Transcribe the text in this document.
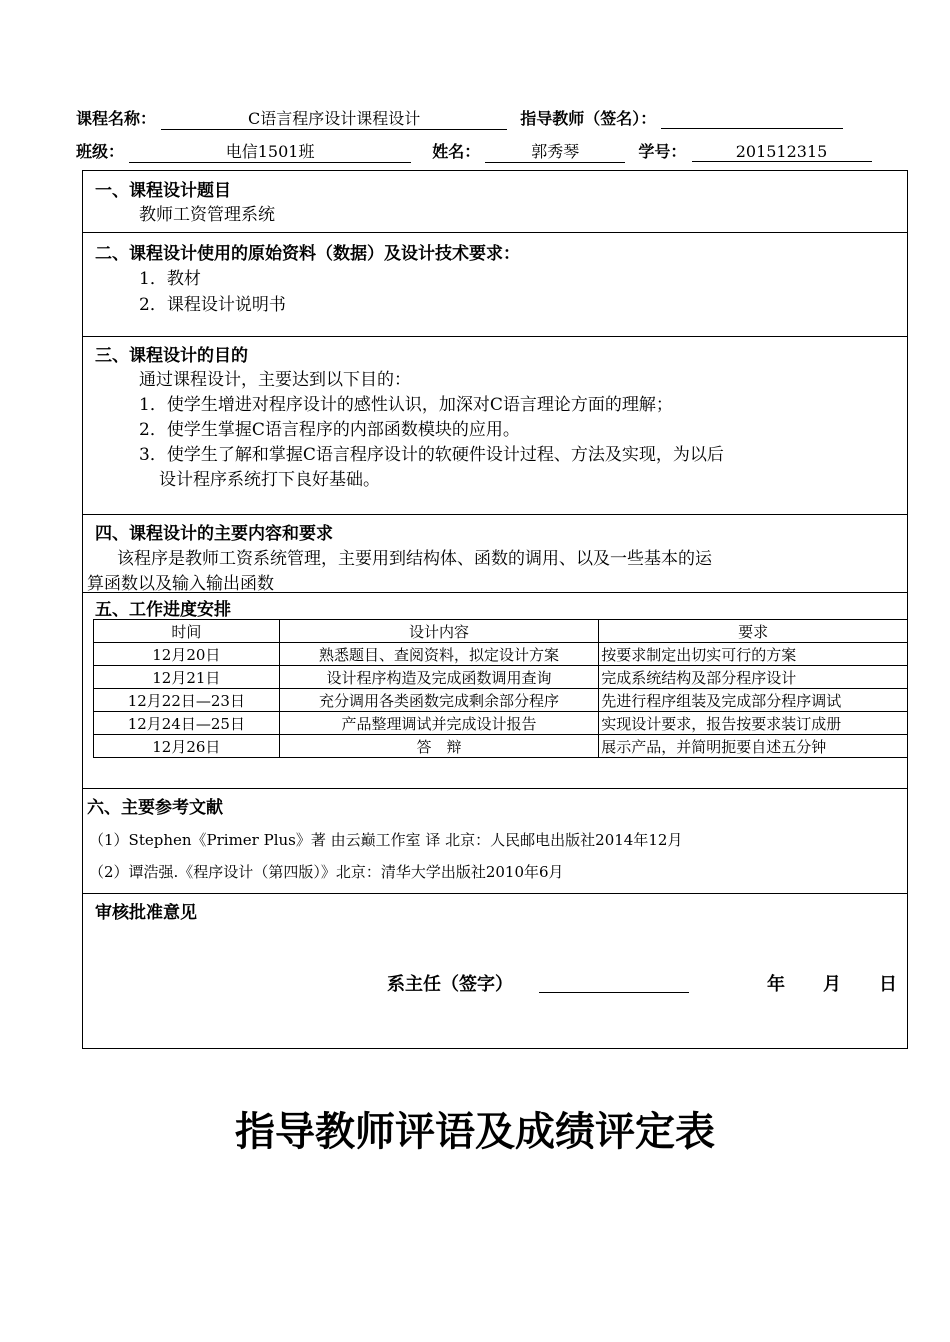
课程名称：	C语言程序设计课程设计	指导教师（签名）：
班级：	电信1501班	姓名：	郭秀琴	学号：	201512315
一、课程设计题目
教师工资管理系统
二、课程设计使用的原始资料（数据）及设计技术要求：
1．教材
2．课程设计说明书
三、课程设计的目的
通过课程设计，主要达到以下目的：
1．使学生增进对程序设计的感性认识，加深对C语言理论方面的理解；
2．使学生掌握C语言程序的内部函数模块的应用。
3．使学生了解和掌握C语言程序设计的软硬件设计过程、方法及实现，为以后
设计程序系统打下良好基础。
四、课程设计的主要内容和要求
该程序是教师工资系统管理，主要用到结构体、函数的调用、以及一些基本的运
算函数以及输入输出函数
五、工作进度安排
时间	设计内容	要求
12月20日	熟悉题目、查阅资料，拟定设计方案	按要求制定出切实可行的方案
12月21日	设计程序构造及完成函数调用查询	完成系统结构及部分程序设计
12月22日—23日	充分调用各类函数完成剩余部分程序	先进行程序组装及完成部分程序调试
12月24日—25日	产品整理调试并完成设计报告	实现设计要求，报告按要求装订成册
12月26日	答　辩	展示产品，并简明扼要自述五分钟
六、主要参考文献
（1）Stephen《Primer Plus》著 由云巅工作室 译 北京：人民邮电出版社2014年12月
（2）谭浩强.《程序设计（第四版）》北京：清华大学出版社2010年6月
审核批准意见
系主任（签字）	年 月 日
指导教师评语及成绩评定表
